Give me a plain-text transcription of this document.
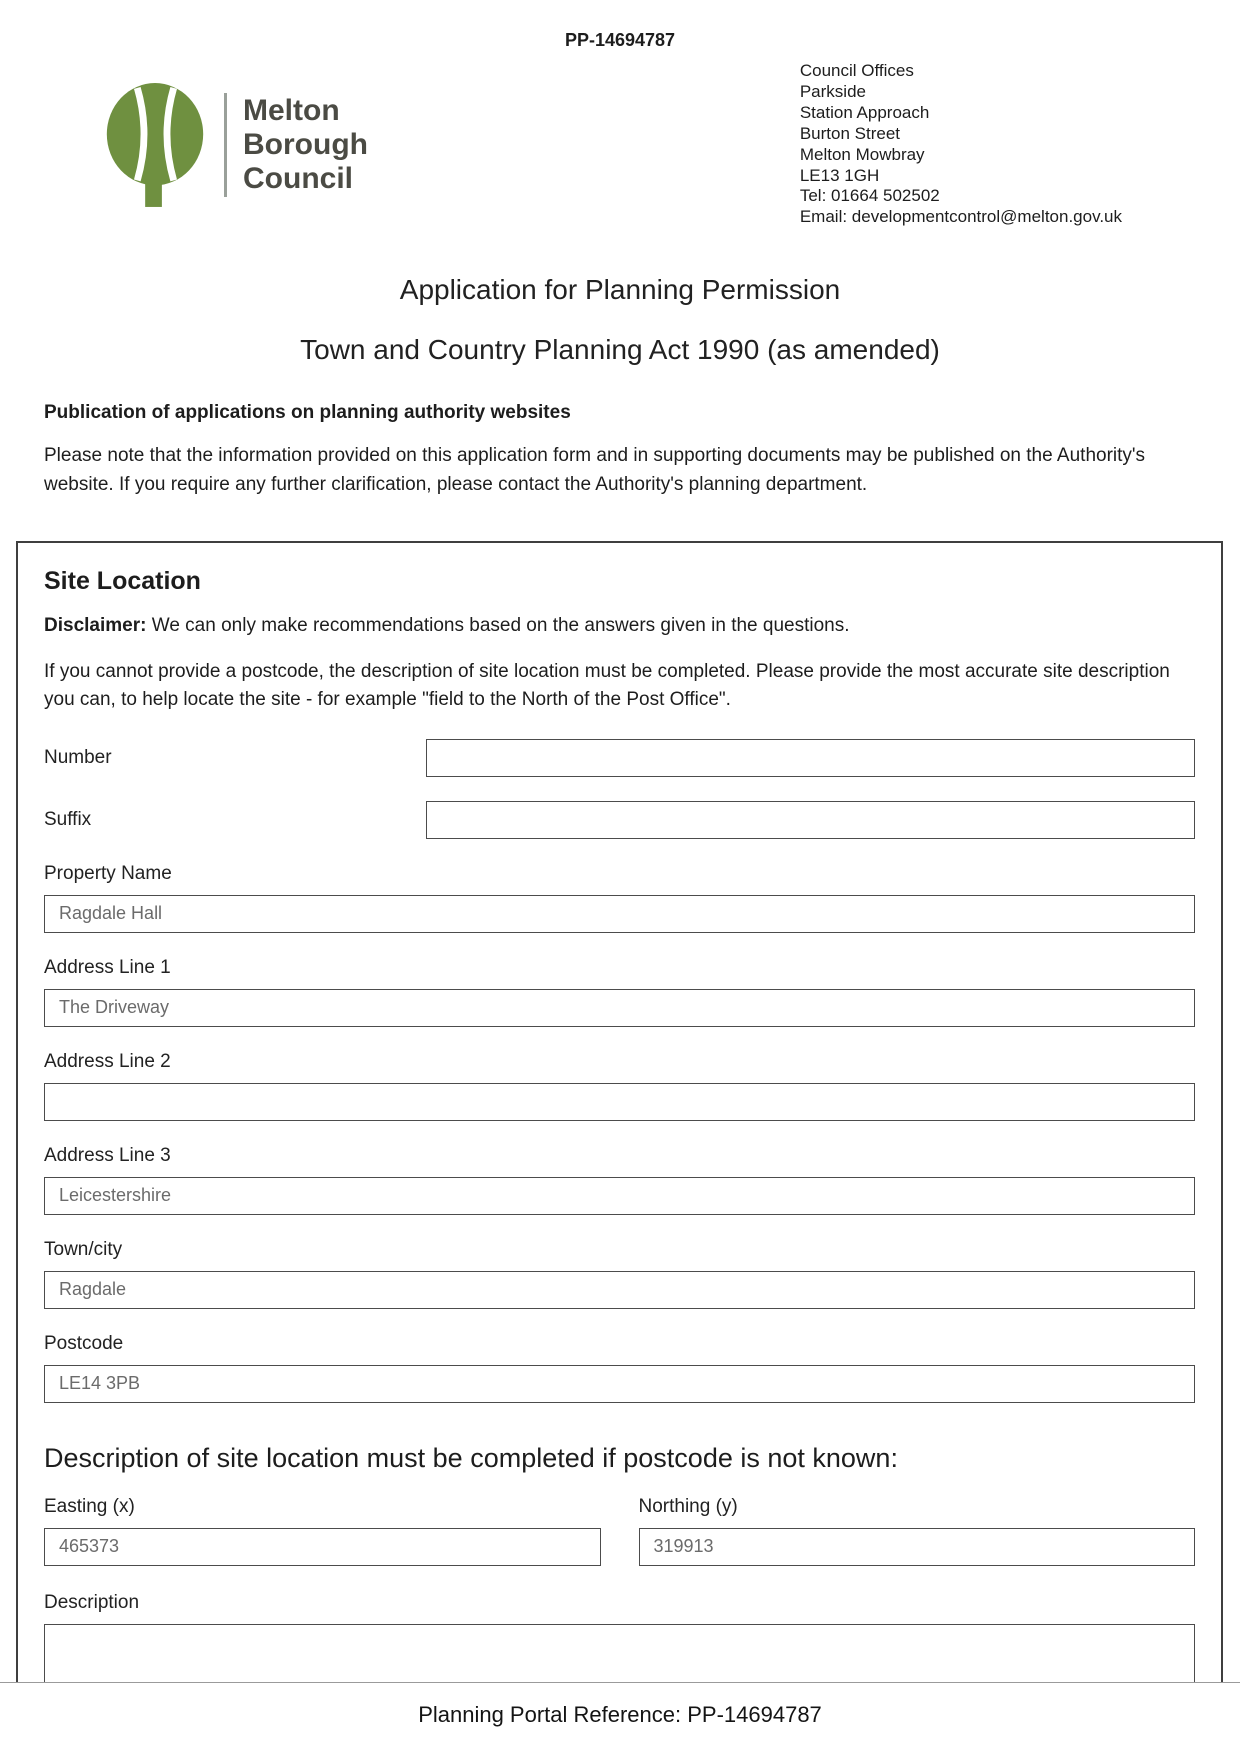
PP-14694787
Melton
Borough
Council
Council Offices
Parkside
Station Approach
Burton Street
Melton Mowbray
LE13 1GH
Tel: 01664 502502
Email: developmentcontrol@melton.gov.uk
Application for Planning Permission
Town and Country Planning Act 1990 (as amended)
Publication of applications on planning authority websites
Please note that the information provided on this application form and in supporting documents may be published on the Authority's website. If you require any further clarification, please contact the Authority's planning department.
Site Location
Disclaimer: We can only make recommendations based on the answers given in the questions.
If you cannot provide a postcode, the description of site location must be completed. Please provide the most accurate site description you can, to help locate the site - for example "field to the North of the Post Office".
Number
Suffix
Property Name
Ragdale Hall
Address Line 1
The Driveway
Address Line 2
Address Line 3
Leicestershire
Town/city
Ragdale
Postcode
LE14 3PB
Description of site location must be completed if postcode is not known:
Easting (x)
465373	Northing (y)
319913
Description
Planning Portal Reference: PP-14694787
